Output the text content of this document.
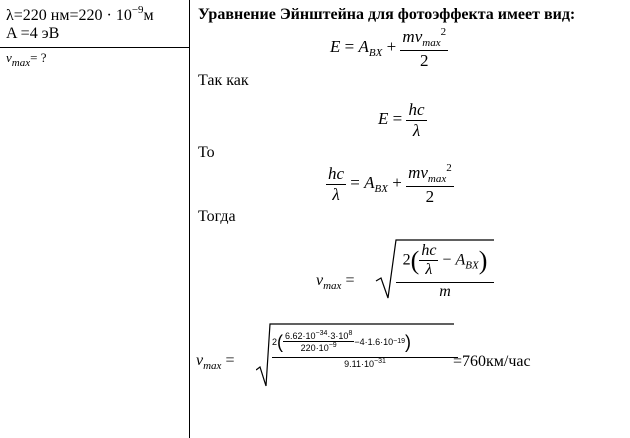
λ=220 $нм=220 \cdot 10^{-9}м$
A =4 эВ
$v_{max}=$ ?
Уравнение Эйнштейна для фотоэффекта имеет вид:
$E = A_{BX} + \frac{mv_{max}^2}{2}$
Так как
$E = \frac{hc}{\lambda}$
То
$\frac{hc}{\lambda} = A_{BX} + \frac{mv_{max}^2}{2}$
Тогда
$v_{max}$ =
$2( \frac{hc}{\lambda} - A_{BX})$
m
$v_{max}$ =
2 ( $\frac{6.62\cdot 10^{-34}\cdot 3\cdot 10^8}{220\cdot 10^{-9}} -4\cdot 1.6\cdot 10 -19$ )
$9.11\cdot 10^{-31}$	=760км/час
